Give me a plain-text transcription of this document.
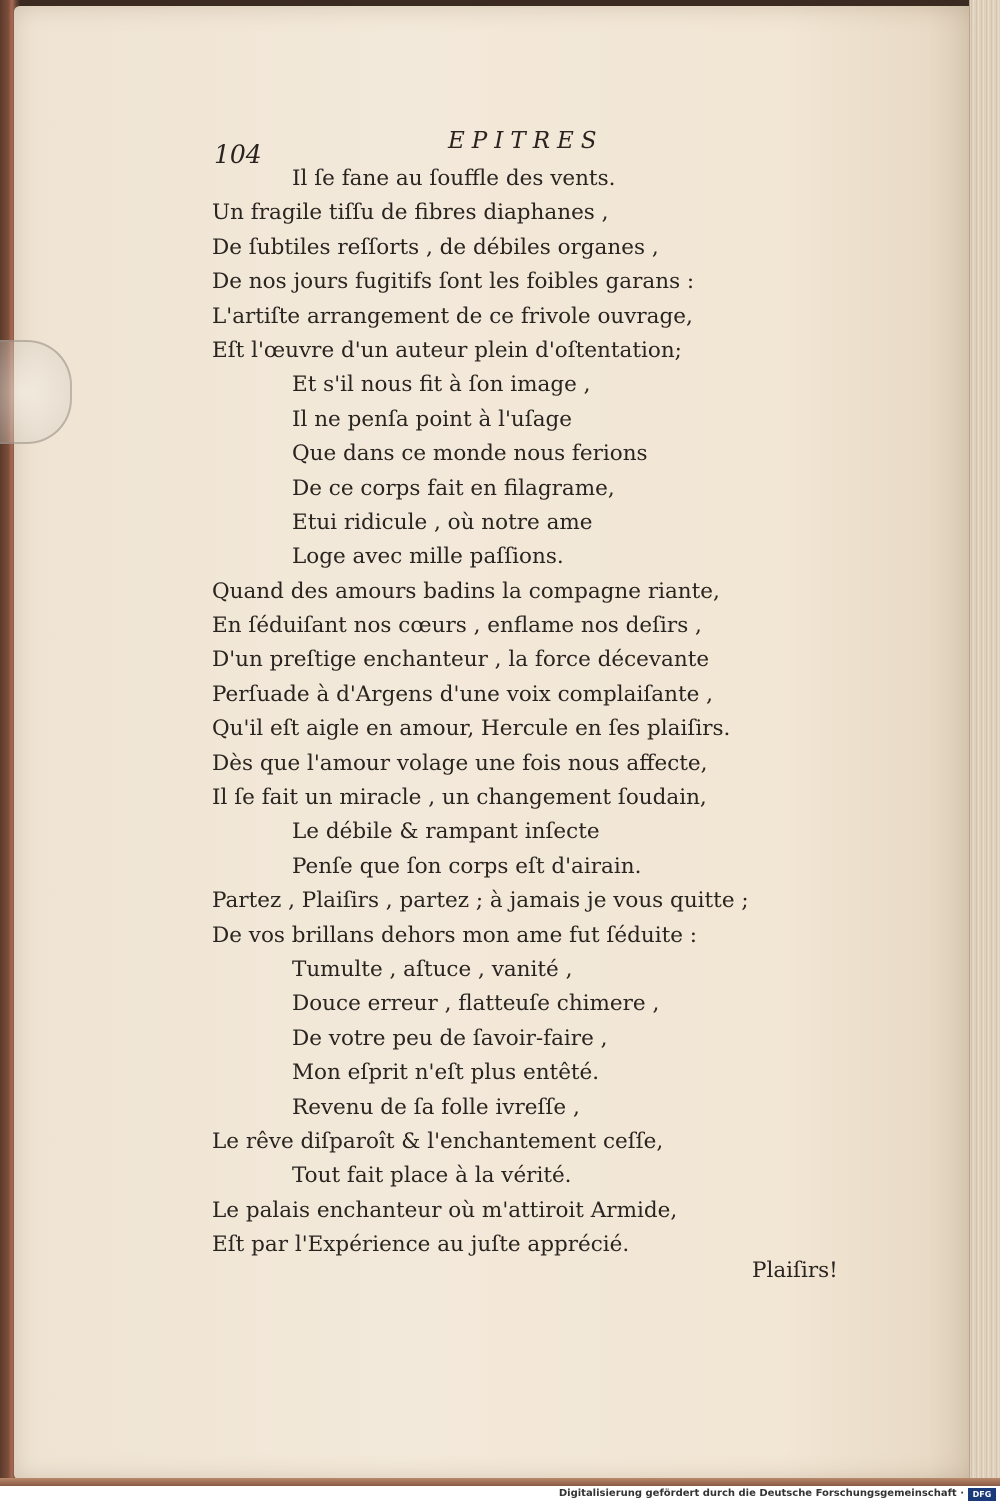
104	EPITRES
Il ſe fane au ſouffle des vents.
Un fragile tiſſu de fibres diaphanes ,
De ſubtiles reſſorts , de débiles organes ,
De nos jours fugitifs ſont les foibles garans :
L'artiſte arrangement de ce frivole ouvrage,
Eſt l'œuvre d'un auteur plein d'oſtentation;
Et s'il nous fit à ſon image ,
Il ne penſa point à l'uſage
Que dans ce monde nous ferions
De ce corps fait en filagrame,
Etui ridicule , où notre ame
Loge avec mille paſſions.
Quand des amours badins la compagne riante,
En ſéduiſant nos cœurs , enflame nos deſirs ,
D'un preſtige enchanteur , la force décevante
Perſuade à d'Argens d'une voix complaiſante ,
Qu'il eſt aigle en amour, Hercule en ſes plaiſirs.
Dès que l'amour volage une fois nous affecte,
Il ſe fait un miracle , un changement ſoudain,
Le débile & rampant inſecte
Penſe que ſon corps eſt d'airain.
Partez , Plaiſirs , partez ; à jamais je vous quitte ;
De vos brillans dehors mon ame fut ſéduite :
Tumulte , aſtuce , vanité ,
Douce erreur , flatteuſe chimere ,
De votre peu de ſavoir-faire ,
Mon eſprit n'eſt plus entêté.
Revenu de ſa folle ivreſſe ,
Le rêve diſparoît & l'enchantement ceſſe,
Tout fait place à la vérité.
Le palais enchanteur où m'attiroit Armide,
Eſt par l'Expérience au juſte apprécié.
Plaiſirs!
Digitalisierung gefördert durch die Deutsche Forschungsgemeinschaft ·	DFG
